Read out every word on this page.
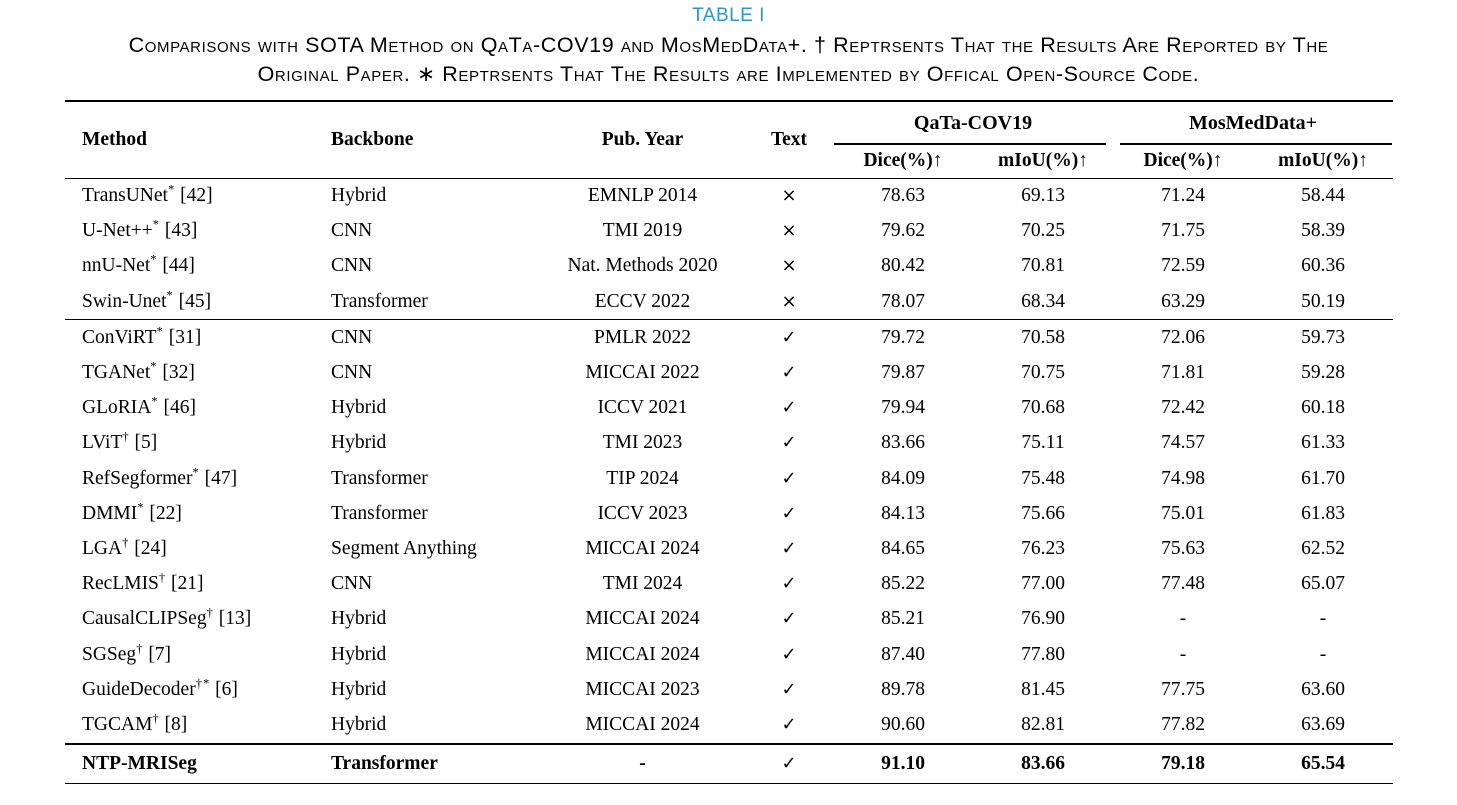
TABLE I
Comparisons with SOTA Method on QaTa-COV19 and MosMedData+. † Reptrsents That the Results Are Reported by The
Original Paper. ∗ Reptrsents That The Results are Implemented by Offical Open-Source Code.
Method	Backbone	Pub. Year	Text	QaTa-COV19		MosMedData+	
				Dice(%)↑	mIoU(%)↑	Dice(%)↑	mIoU(%)↑
TransUNet* [42]	Hybrid	EMNLP 2014	×	78.63	69.13	71.24	58.44
U-Net++* [43]	CNN	TMI 2019	×	79.62	70.25	71.75	58.39
nnU-Net* [44]	CNN	Nat. Methods 2020	×	80.42	70.81	72.59	60.36
Swin-Unet* [45]	Transformer	ECCV 2022	×	78.07	68.34	63.29	50.19
ConViRT* [31]	CNN	PMLR 2022	✓	79.72	70.58	72.06	59.73
TGANet* [32]	CNN	MICCAI 2022	✓	79.87	70.75	71.81	59.28
GLoRIA* [46]	Hybrid	ICCV 2021	✓	79.94	70.68	72.42	60.18
LViT† [5]	Hybrid	TMI 2023	✓	83.66	75.11	74.57	61.33
RefSegformer* [47]	Transformer	TIP 2024	✓	84.09	75.48	74.98	61.70
DMMI* [22]	Transformer	ICCV 2023	✓	84.13	75.66	75.01	61.83
LGA† [24]	Segment Anything	MICCAI 2024	✓	84.65	76.23	75.63	62.52
RecLMIS† [21]	CNN	TMI 2024	✓	85.22	77.00	77.48	65.07
CausalCLIPSeg† [13]	Hybrid	MICCAI 2024	✓	85.21	76.90	-	-
SGSeg† [7]	Hybrid	MICCAI 2024	✓	87.40	77.80	-	-
GuideDecoder†* [6]	Hybrid	MICCAI 2023	✓	89.78	81.45	77.75	63.60
TGCAM† [8]	Hybrid	MICCAI 2024	✓	90.60	82.81	77.82	63.69
NTP-MRISeg	Transformer	-	✓	91.10	83.66	79.18	65.54
